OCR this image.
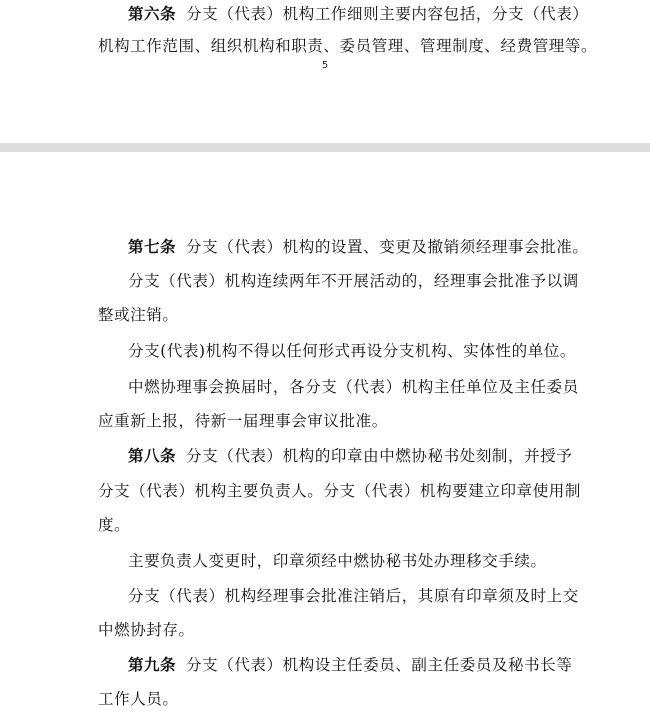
第六条 分支（代表）机构工作细则主要内容包括，分支（代表）
机构工作范围、组织机构和职责、委员管理、管理制度、经费管理等。
5
第七条 分支（代表）机构的设置、变更及撤销须经理事会批准。
分支（代表）机构连续两年不开展活动的，经理事会批准予以调
整或注销。
分支(代表)机构不得以任何形式再设分支机构、实体性的单位。
中燃协理事会换届时，各分支（代表）机构主任单位及主任委员
应重新上报，待新一届理事会审议批准。
第八条 分支（代表）机构的印章由中燃协秘书处刻制，并授予
分支（代表）机构主要负责人。分支（代表）机构要建立印章使用制
度。
主要负责人变更时，印章须经中燃协秘书处办理移交手续。
分支（代表）机构经理事会批准注销后，其原有印章须及时上交
中燃协封存。
第九条 分支（代表）机构设主任委员、副主任委员及秘书长等
工作人员。
